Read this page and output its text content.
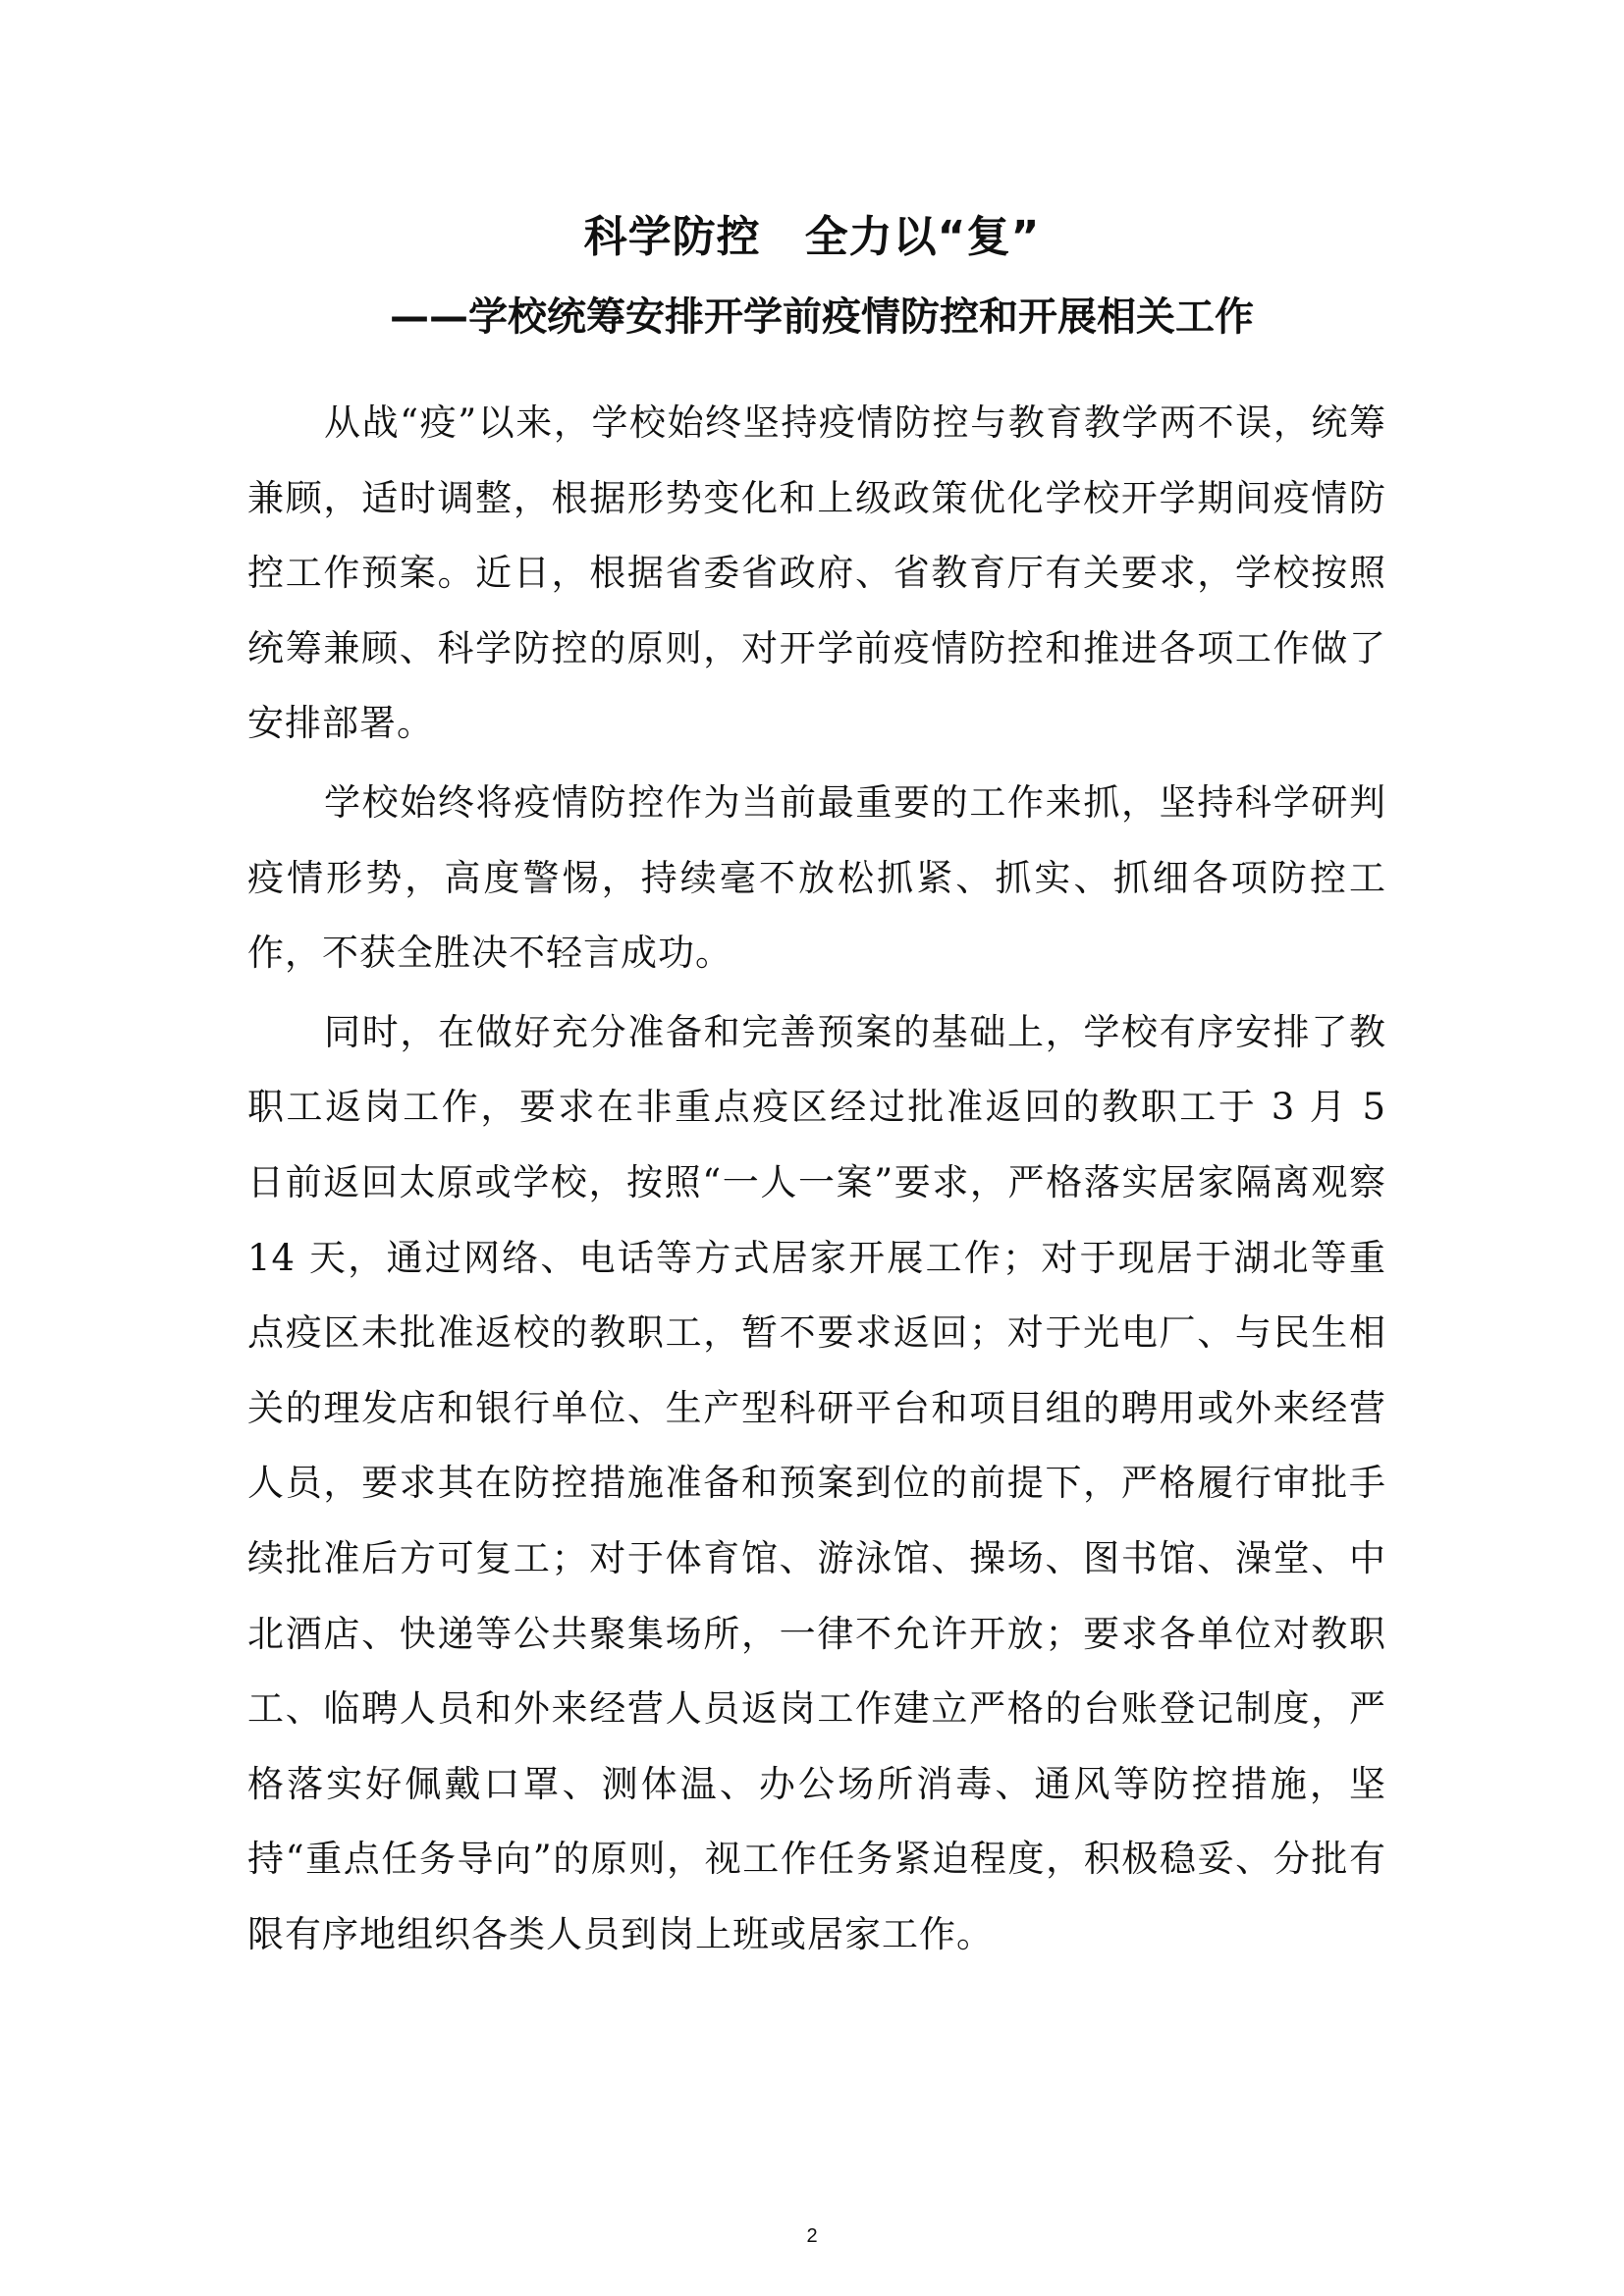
科学防控　全力以“复”
——学校统筹安排开学前疫情防控和开展相关工作

从战“疫”以来，学校始终坚持疫情防控与教育教学两不误，统筹兼顾，适时调整，根据形势变化和上级政策优化学校开学期间疫情防控工作预案。近日，根据省委省政府、省教育厅有关要求，学校按照统筹兼顾、科学防控的原则，对开学前疫情防控和推进各项工作做了安排部署。

学校始终将疫情防控作为当前最重要的工作来抓，坚持科学研判疫情形势，高度警惕，持续毫不放松抓紧、抓实、抓细各项防控工作，不获全胜决不轻言成功。

同时，在做好充分准备和完善预案的基础上，学校有序安排了教职工返岗工作，要求在非重点疫区经过批准返回的教职工于 3 月 5 日前返回太原或学校，按照“一人一案”要求，严格落实居家隔离观察 14 天，通过网络、电话等方式居家开展工作；对于现居于湖北等重点疫区未批准返校的教职工，暂不要求返回；对于光电厂、与民生相关的理发店和银行单位、生产型科研平台和项目组的聘用或外来经营人员，要求其在防控措施准备和预案到位的前提下，严格履行审批手续批准后方可复工；对于体育馆、游泳馆、操场、图书馆、澡堂、中北酒店、快递等公共聚集场所，一律不允许开放；要求各单位对教职工、临聘人员和外来经营人员返岗工作建立严格的台账登记制度，严格落实好佩戴口罩、测体温、办公场所消毒、通风等防控措施，坚持“重点任务导向”的原则，视工作任务紧迫程度，积极稳妥、分批有限有序地组织各类人员到岗上班或居家工作。

2
